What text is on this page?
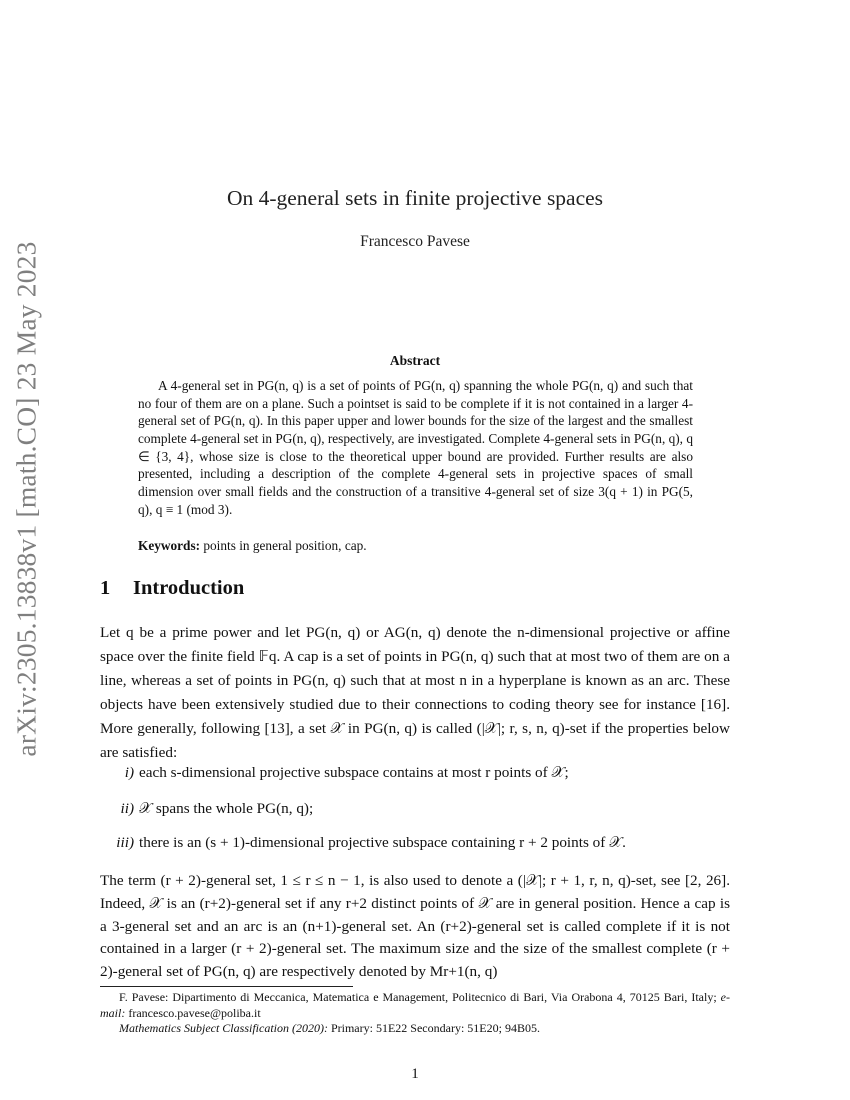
arXiv:2305.13838v1 [math.CO] 23 May 2023
On 4-general sets in finite projective spaces
Francesco Pavese
Abstract
A 4-general set in PG(n, q) is a set of points of PG(n, q) spanning the whole PG(n, q) and such that no four of them are on a plane. Such a pointset is said to be complete if it is not contained in a larger 4-general set of PG(n, q). In this paper upper and lower bounds for the size of the largest and the smallest complete 4-general set in PG(n, q), respectively, are investigated. Complete 4-general sets in PG(n, q), q ∈ {3, 4}, whose size is close to the theoretical upper bound are provided. Further results are also presented, including a description of the complete 4-general sets in projective spaces of small dimension over small fields and the construction of a transitive 4-general set of size 3(q + 1) in PG(5, q), q ≡ 1 (mod 3).
Keywords: points in general position, cap.
1 Introduction
Let q be a prime power and let PG(n, q) or AG(n, q) denote the n-dimensional projective or affine space over the finite field 𝔽q. A cap is a set of points in PG(n, q) such that at most two of them are on a line, whereas a set of points in PG(n, q) such that at most n in a hyperplane is known as an arc. These objects have been extensively studied due to their connections to coding theory see for instance [16]. More generally, following [13], a set 𝒳 in PG(n, q) is called (|𝒳|; r, s, n, q)-set if the properties below are satisfied:
i) each s-dimensional projective subspace contains at most r points of 𝒳;
ii) 𝒳 spans the whole PG(n, q);
iii) there is an (s + 1)-dimensional projective subspace containing r + 2 points of 𝒳.
The term (r + 2)-general set, 1 ≤ r ≤ n − 1, is also used to denote a (|𝒳|; r + 1, r, n, q)-set, see [2, 26]. Indeed, 𝒳 is an (r+2)-general set if any r+2 distinct points of 𝒳 are in general position. Hence a cap is a 3-general set and an arc is an (n+1)-general set. An (r+2)-general set is called complete if it is not contained in a larger (r + 2)-general set. The maximum size and the size of the smallest complete (r + 2)-general set of PG(n, q) are respectively denoted by Mr+1(n, q)
F. Pavese: Dipartimento di Meccanica, Matematica e Management, Politecnico di Bari, Via Orabona 4, 70125 Bari, Italy; e-mail: francesco.pavese@poliba.it
Mathematics Subject Classification (2020): Primary: 51E22 Secondary: 51E20; 94B05.
1
